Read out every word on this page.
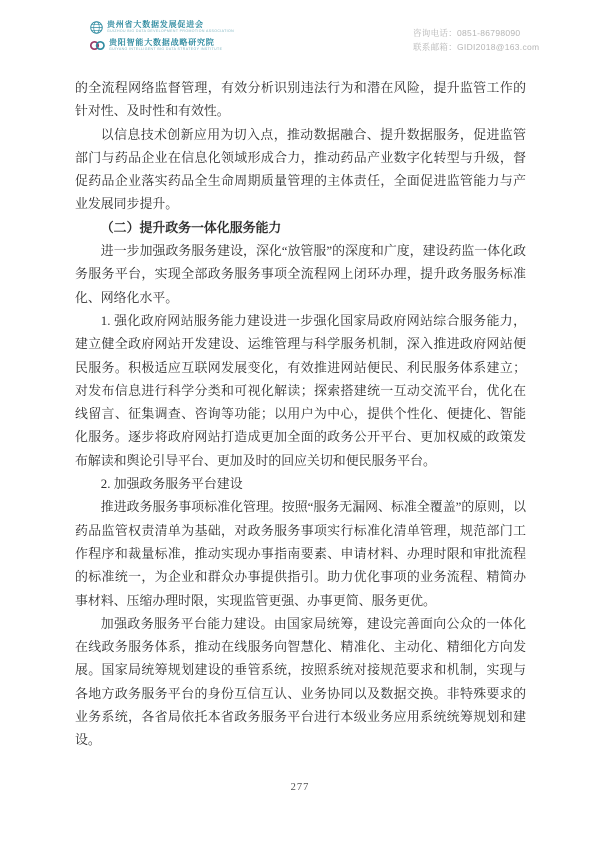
贵州省大数据发展促进会
GUIZHOU BIG DATA DEVELOPMENT PROMOTION ASSOCIATION
贵阳智能大数据战略研究院
GUIYANG INTELLIGENT BIG DATA STRATEGY INSTITUTE
咨询电话：0851-86798090
联系邮箱：GIDI2018@163.com

的全流程网络监督管理，有效分析识别违法行为和潜在风险，提升监管工作的针对性、及时性和有效性。

以信息技术创新应用为切入点，推动数据融合、提升数据服务，促进监管部门与药品企业在信息化领域形成合力，推动药品产业数字化转型与升级，督促药品企业落实药品全生命周期质量管理的主体责任，全面促进监管能力与产业发展同步提升。

（二）提升政务一体化服务能力

进一步加强政务服务建设，深化“放管服”的深度和广度，建设药监一体化政务服务平台，实现全部政务服务事项全流程网上闭环办理，提升政务服务标准化、网络化水平。

1. 强化政府网站服务能力建设进一步强化国家局政府网站综合服务能力，建立健全政府网站开发建设、运维管理与科学服务机制，深入推进政府网站便民服务。积极适应互联网发展变化，有效推进网站便民、利民服务体系建立；对发布信息进行科学分类和可视化解读；探索搭建统一互动交流平台，优化在线留言、征集调查、咨询等功能；以用户为中心，提供个性化、便捷化、智能化服务。逐步将政府网站打造成更加全面的政务公开平台、更加权威的政策发布解读和舆论引导平台、更加及时的回应关切和便民服务平台。

2. 加强政务服务平台建设

推进政务服务事项标准化管理。按照“服务无漏网、标准全覆盖”的原则，以药品监管权责清单为基础，对政务服务事项实行标准化清单管理，规范部门工作程序和裁量标准，推动实现办事指南要素、申请材料、办理时限和审批流程的标准统一，为企业和群众办事提供指引。助力优化事项的业务流程、精简办事材料、压缩办理时限，实现监管更强、办事更简、服务更优。

加强政务服务平台能力建设。由国家局统筹，建设完善面向公众的一体化在线政务服务体系，推动在线服务向智慧化、精准化、主动化、精细化方向发展。国家局统筹规划建设的垂管系统，按照系统对接规范要求和机制，实现与各地方政务服务平台的身份互信互认、业务协同以及数据交换。非特殊要求的业务系统，各省局依托本省政务服务平台进行本级业务应用系统统筹规划和建设。

277
